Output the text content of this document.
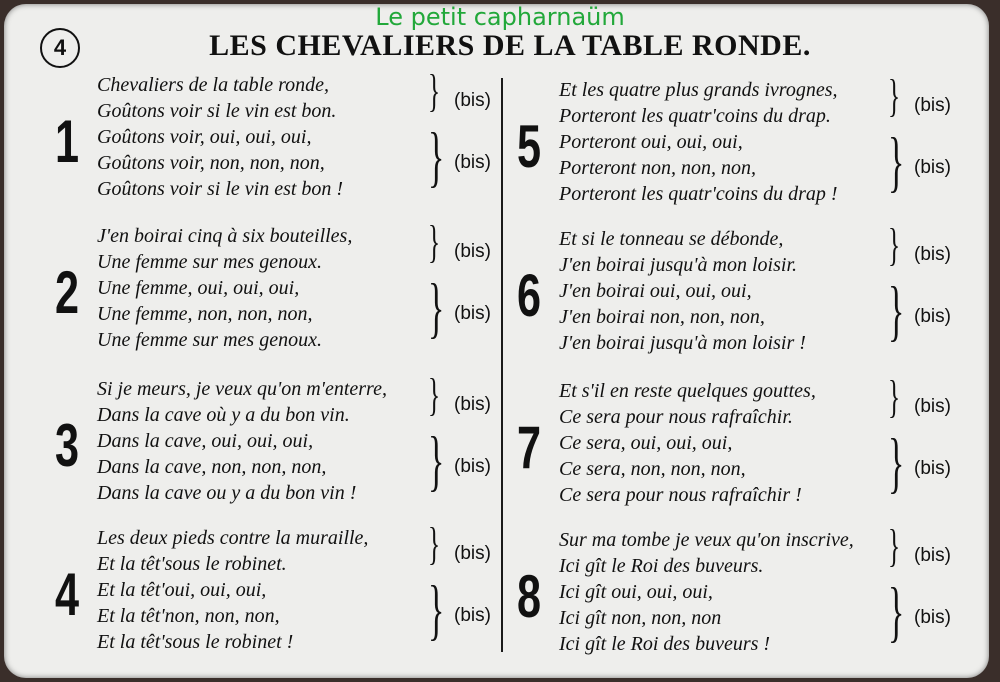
Le petit capharnaüm
4	LES CHEVALIERS DE LA TABLE RONDE.
1
Chevaliers de la table ronde,
Goûtons voir si le vin est bon.
Goûtons voir, oui, oui, oui,
Goûtons voir, non, non, non,
Goûtons voir si le vin est bon !
}
}
(bis)
(bis)
2
J'en boirai cinq à six bouteilles,
Une femme sur mes genoux.
Une femme, oui, oui, oui,
Une femme, non, non, non,
Une femme sur mes genoux.
}
}
(bis)
(bis)
3
Si je meurs, je veux qu'on m'enterre,
Dans la cave où y a du bon vin.
Dans la cave, oui, oui, oui,
Dans la cave, non, non, non,
Dans la cave ou y a du bon vin !
}
}
(bis)
(bis)
4
Les deux pieds contre la muraille,
Et la têt'sous le robinet.
Et la têt'oui, oui, oui,
Et la têt'non, non, non,
Et la têt'sous le robinet !
}
}
(bis)
(bis)
5
Et les quatre plus grands ivrognes,
Porteront les quatr'coins du drap.
Porteront oui, oui, oui,
Porteront non, non, non,
Porteront les quatr'coins du drap !
}
}
(bis)
(bis)
6
Et si le tonneau se débonde,
J'en boirai jusqu'à mon loisir.
J'en boirai oui, oui, oui,
J'en boirai non, non, non,
J'en boirai jusqu'à mon loisir !
}
}
(bis)
(bis)
7
Et s'il en reste quelques gouttes,
Ce sera pour nous rafraîchir.
Ce sera, oui, oui, oui,
Ce sera, non, non, non,
Ce sera pour nous rafraîchir !
}
}
(bis)
(bis)
8
Sur ma tombe je veux qu'on inscrive,
Ici gît le Roi des buveurs.
Ici gît oui, oui, oui,
Ici gît non, non, non
Ici gît le Roi des buveurs !
}
}
(bis)
(bis)
